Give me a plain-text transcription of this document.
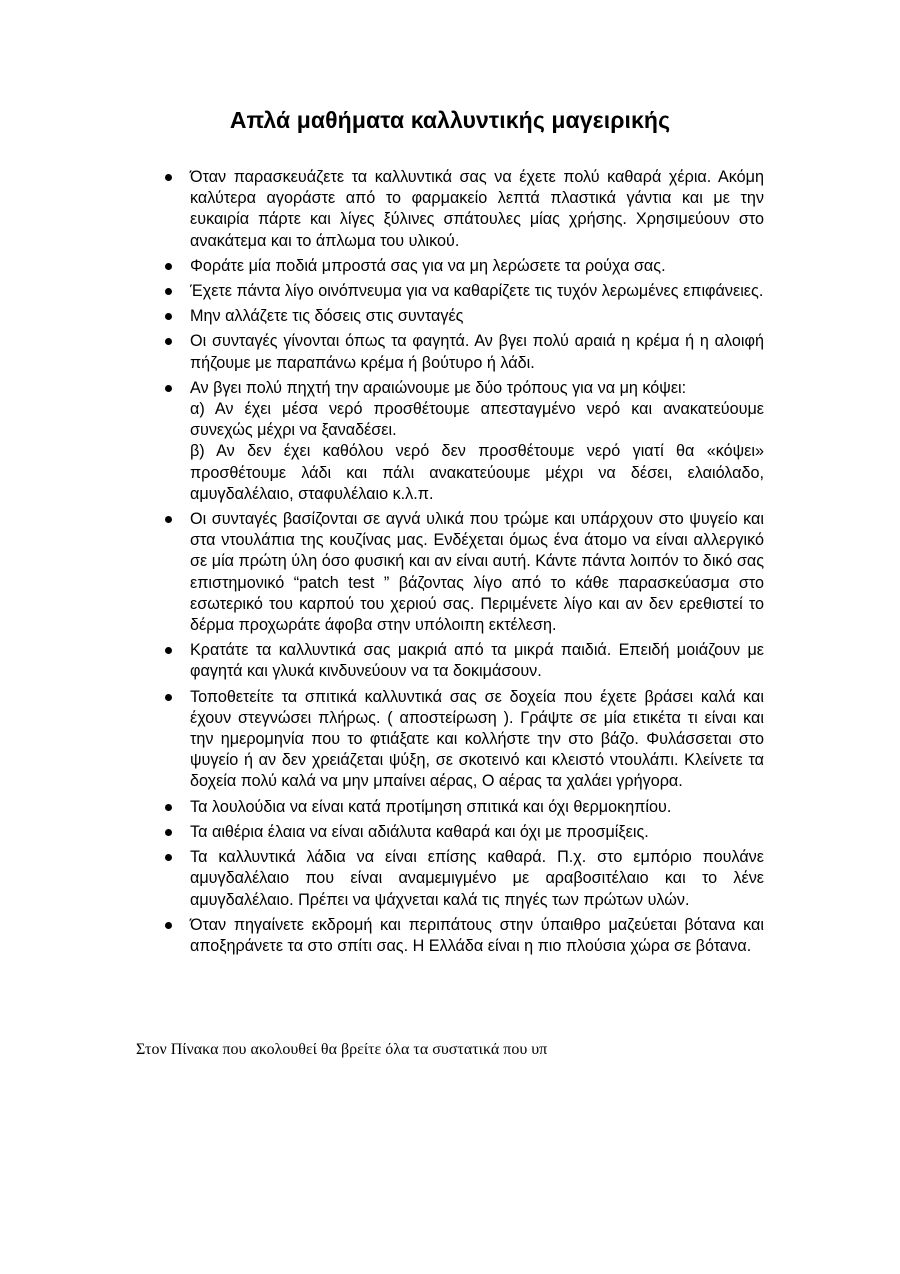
Απλά μαθήματα καλλυντικής μαγειρικής

Όταν παρασκευάζετε τα καλλυντικά σας να έχετε πολύ καθαρά χέρια. Ακόμη καλύτερα αγοράστε από το φαρμακείο λεπτά πλαστικά γάντια και με την ευκαιρία πάρτε και λίγες ξύλινες σπάτουλες μίας χρήσης. Χρησιμεύουν στο ανακάτεμα και το άπλωμα του υλικού.

Φοράτε μία ποδιά μπροστά σας για να μη λερώσετε τα ρούχα σας.

Έχετε πάντα λίγο οινόπνευμα για να καθαρίζετε τις τυχόν λερωμένες επιφάνειες.

Μην αλλάζετε τις δόσεις στις συνταγές

Οι συνταγές γίνονται όπως τα φαγητά. Αν βγει πολύ αραιά η κρέμα ή η αλοιφή πήζουμε με παραπάνω κρέμα ή βούτυρο ή λάδι.

Αν βγει πολύ πηχτή την αραιώνουμε με δύο τρόπους για να μη κόψει:

α) Αν έχει μέσα νερό προσθέτουμε απεσταγμένο νερό και ανακατεύουμε συνεχώς μέχρι να ξαναδέσει.

β) Αν δεν έχει καθόλου νερό δεν προσθέτουμε νερό γιατί θα «κόψει» προσθέτουμε λάδι και πάλι ανακατεύουμε μέχρι να δέσει, ελαιόλαδο, αμυγδαλέλαιο, σταφυλέλαιο κ.λ.π.

Οι συνταγές βασίζονται σε αγνά υλικά που τρώμε και υπάρχουν στο ψυγείο και στα ντουλάπια της κουζίνας μας. Ενδέχεται όμως ένα άτομο να είναι αλλεργικό σε μία πρώτη ύλη όσο φυσική και αν είναι αυτή. Κάντε πάντα λοιπόν το δικό σας επιστημονικό “patch test ” βάζοντας λίγο από το κάθε παρασκεύασμα στο εσωτερικό του καρπού του χεριού σας. Περιμένετε λίγο και αν δεν ερεθιστεί το δέρμα προχωράτε άφοβα στην υπόλοιπη εκτέλεση.

Κρατάτε τα καλλυντικά σας μακριά από τα μικρά παιδιά. Επειδή μοιάζουν με φαγητά και γλυκά κινδυνεύουν να τα δοκιμάσουν.

Τοποθετείτε τα σπιτικά καλλυντικά σας σε δοχεία που έχετε βράσει καλά και έχουν στεγνώσει πλήρως. ( αποστείρωση ). Γράψτε σε μία ετικέτα τι είναι και την ημερομηνία που το φτιάξατε και κολλήστε την στο βάζο. Φυλάσσεται στο ψυγείο ή αν δεν χρειάζεται ψύξη, σε σκοτεινό και κλειστό ντουλάπι. Κλείνετε τα δοχεία πολύ καλά να μην μπαίνει αέρας, Ο αέρας τα χαλάει γρήγορα.

Τα λουλούδια να είναι κατά προτίμηση σπιτικά και όχι θερμοκηπίου.

Τα αιθέρια έλαια να είναι αδιάλυτα καθαρά και όχι με προσμίξεις.

Τα καλλυντικά λάδια να είναι επίσης καθαρά. Π.χ. στο εμπόριο πουλάνε αμυγδαλέλαιο που είναι αναμεμιγμένο με αραβοσιτέλαιο και το λένε αμυγδαλέλαιο. Πρέπει να ψάχνεται καλά τις πηγές των πρώτων υλών.

Όταν πηγαίνετε εκδρομή και περιπάτους στην ύπαιθρο μαζεύεται βότανα και αποξηράνετε τα στο σπίτι σας. Η Ελλάδα είναι η πιο πλούσια χώρα σε βότανα.

Στον Πίνακα που ακολουθεί θα βρείτε όλα τα συστατικά που υπ
